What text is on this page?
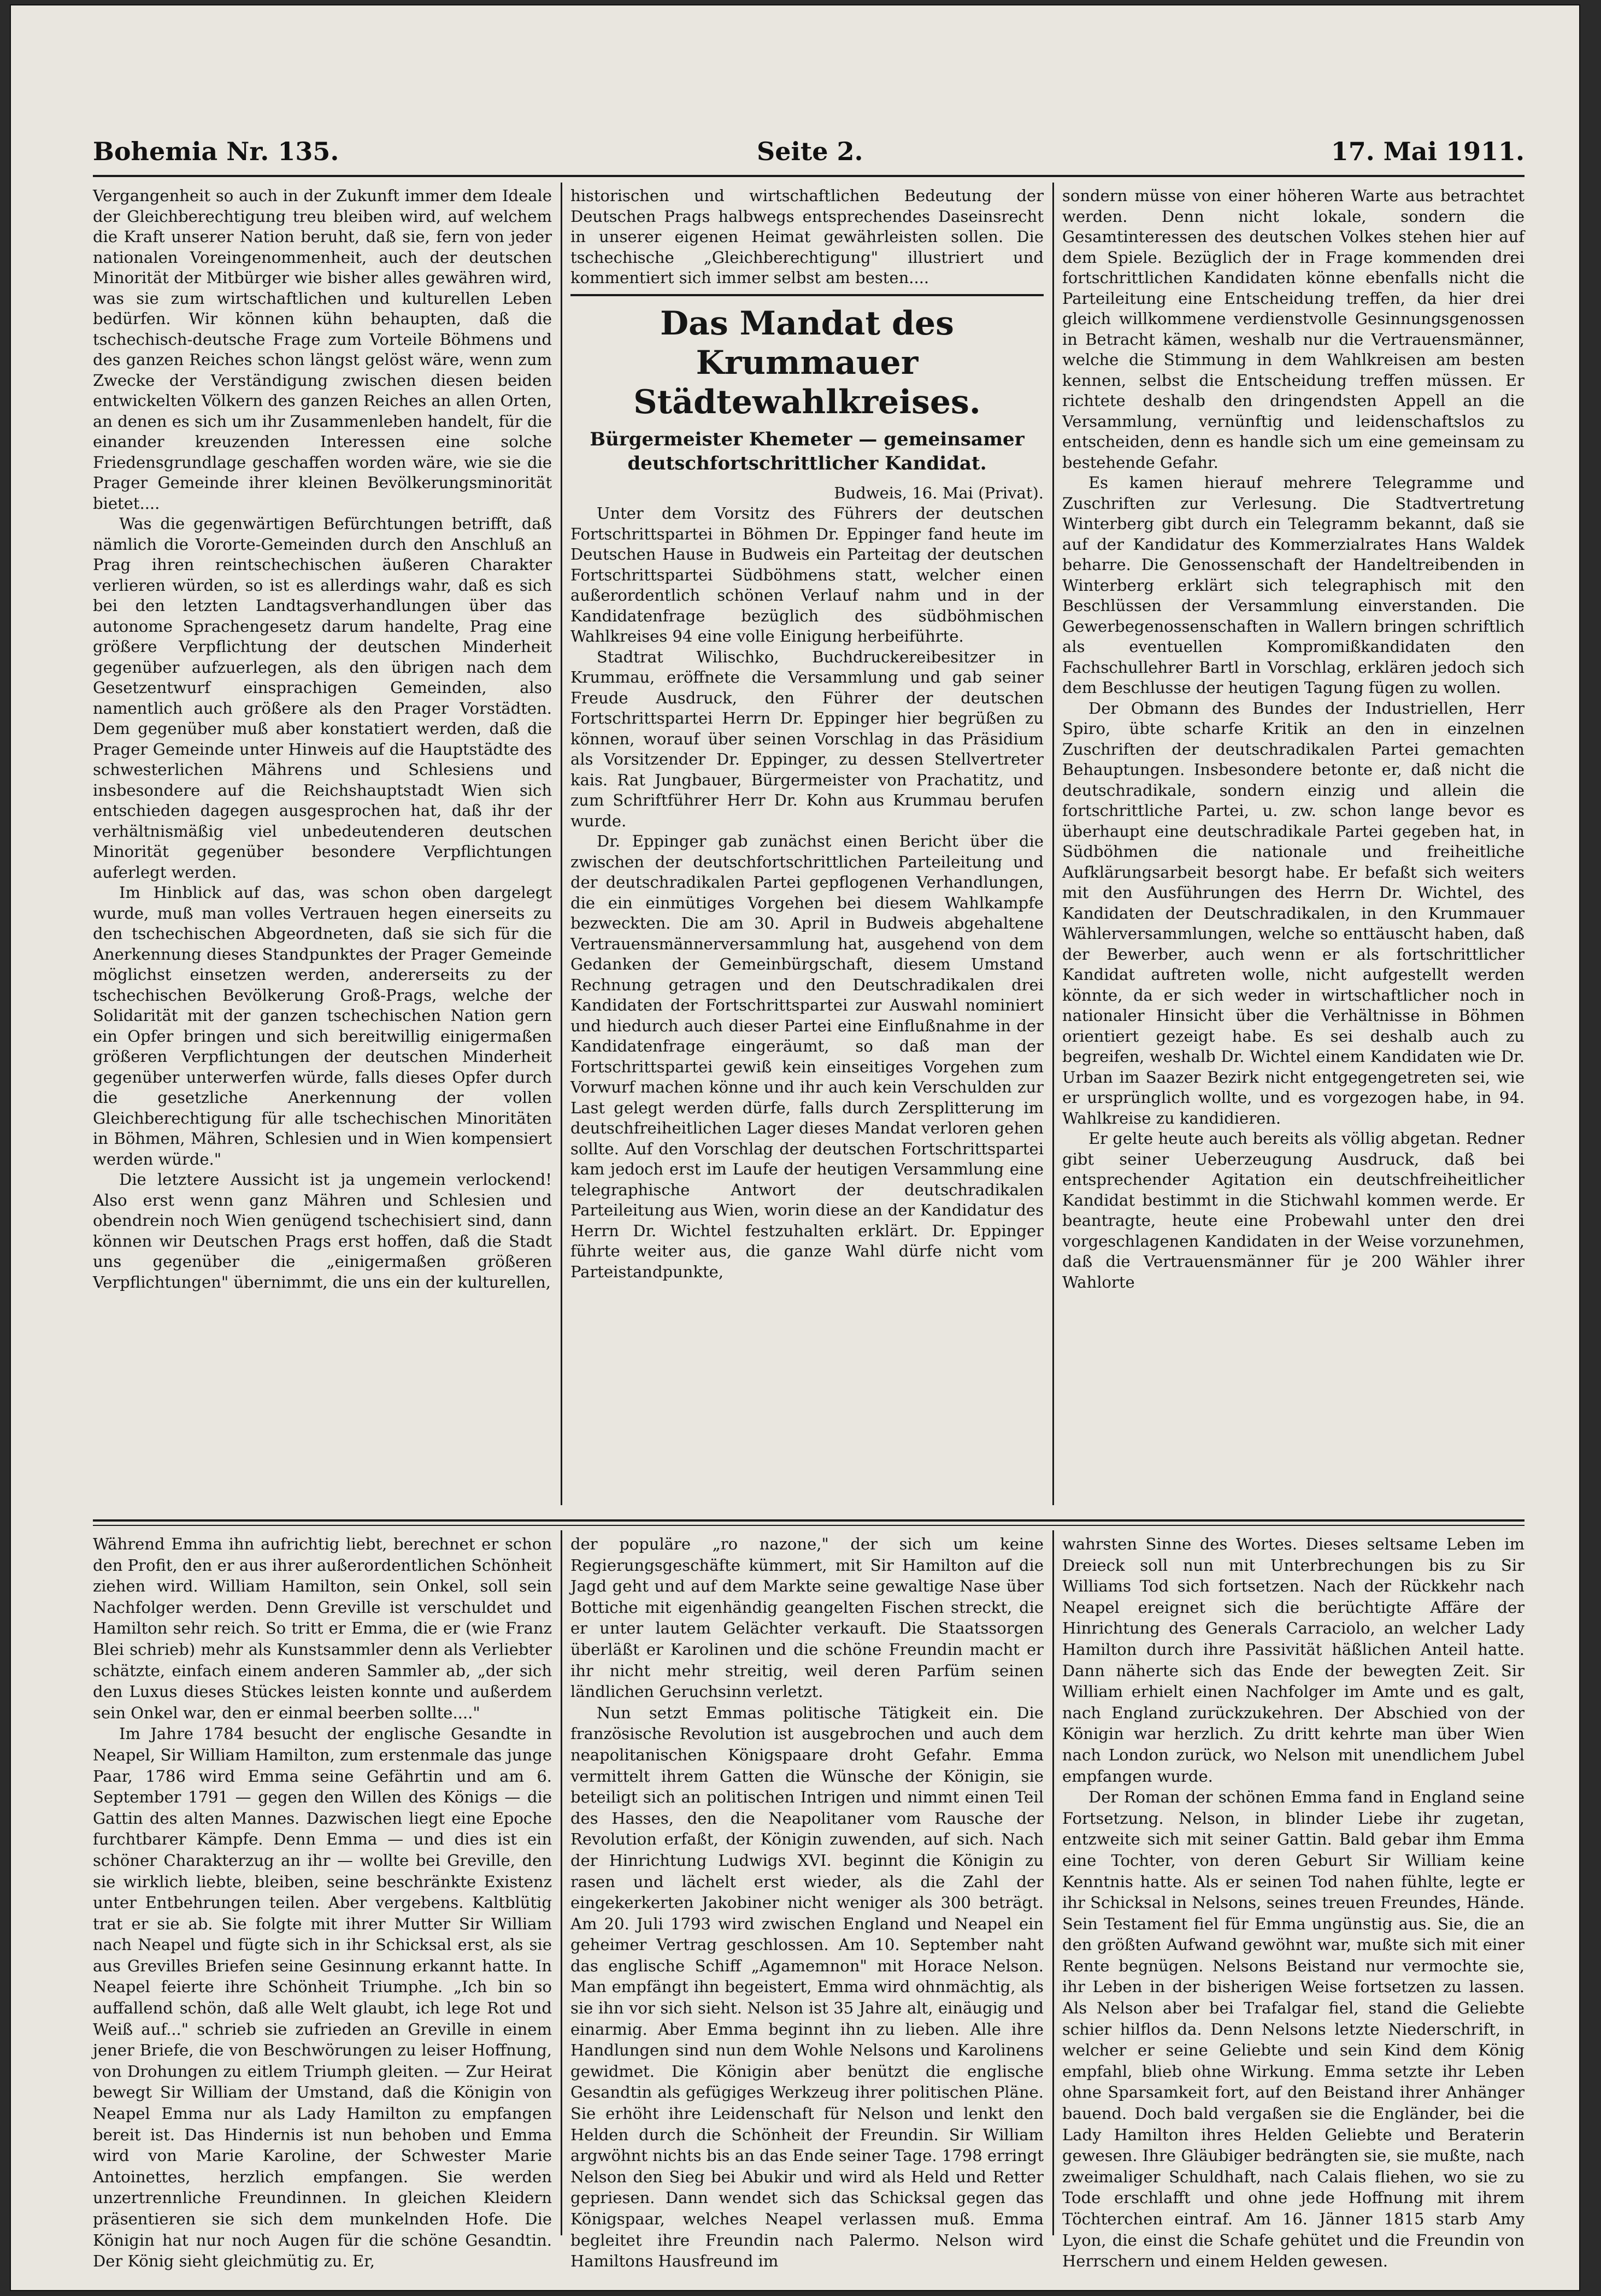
Bohemia Nr. 135.	Seite 2.	17. Mai 1911.

Vergangenheit so auch in der Zukunft immer dem Ideale der Gleichberechtigung treu bleiben wird, auf welchem die Kraft unserer Nation beruht, daß sie, fern von jeder nationalen Voreingenommenheit, auch der deutschen Minorität der Mitbürger wie bisher alles gewähren wird, was sie zum wirtschaftlichen und kulturellen Leben bedürfen. Wir können kühn behaupten, daß die tschechisch-deutsche Frage zum Vorteile Böhmens und des ganzen Reiches schon längst gelöst wäre, wenn zum Zwecke der Verständigung zwischen diesen beiden entwickelten Völkern des ganzen Reiches an allen Orten, an denen es sich um ihr Zusammenleben handelt, für die einander kreuzenden Interessen eine solche Friedensgrundlage geschaffen worden wäre, wie sie die Prager Gemeinde ihrer kleinen Bevölkerungsminorität bietet....

Was die gegenwärtigen Befürchtungen betrifft, daß nämlich die Vororte-Gemeinden durch den Anschluß an Prag ihren reintschechischen äußeren Charakter verlieren würden, so ist es allerdings wahr, daß es sich bei den letzten Landtagsverhandlungen über das autonome Sprachengesetz darum handelte, Prag eine größere Verpflichtung der deutschen Minderheit gegenüber aufzuerlegen, als den übrigen nach dem Gesetzentwurf einsprachigen Gemeinden, also namentlich auch größere als den Prager Vorstädten. Dem gegenüber muß aber konstatiert werden, daß die Prager Gemeinde unter Hinweis auf die Hauptstädte des schwesterlichen Mährens und Schlesiens und insbesondere auf die Reichshauptstadt Wien sich entschieden dagegen ausgesprochen hat, daß ihr der verhältnismäßig viel unbedeutenderen deutschen Minorität gegenüber besondere Verpflichtungen auferlegt werden.

Im Hinblick auf das, was schon oben dargelegt wurde, muß man volles Vertrauen hegen einerseits zu den tschechischen Abgeordneten, daß sie sich für die Anerkennung dieses Standpunktes der Prager Gemeinde möglichst einsetzen werden, andererseits zu der tschechischen Bevölkerung Groß-Prags, welche der Solidarität mit der ganzen tschechischen Nation gern ein Opfer bringen und sich bereitwillig einigermaßen größeren Verpflichtungen der deutschen Minderheit gegenüber unterwerfen würde, falls dieses Opfer durch die gesetzliche Anerkennung der vollen Gleichberechtigung für alle tschechischen Minoritäten in Böhmen, Mähren, Schlesien und in Wien kompensiert werden würde."

Die letztere Aussicht ist ja ungemein verlockend! Also erst wenn ganz Mähren und Schlesien und obendrein noch Wien genügend tschechisiert sind, dann können wir Deutschen Prags erst hoffen, daß die Stadt uns gegenüber die „einigermaßen größeren Verpflichtungen" übernimmt, die uns ein der kulturellen,

historischen und wirtschaftlichen Bedeutung der Deutschen Prags halbwegs entsprechendes Daseinsrecht in unserer eigenen Heimat gewährleisten sollen. Die tschechische „Gleichberechtigung" illustriert und kommentiert sich immer selbst am besten....

Das Mandat des Krummauer Städtewahlkreises.
Bürgermeister Khemeter — gemeinsamer deutschfortschrittlicher Kandidat.

Budweis, 16. Mai (Privat).

Unter dem Vorsitz des Führers der deutschen Fortschrittspartei in Böhmen Dr. Eppinger fand heute im Deutschen Hause in Budweis ein Parteitag der deutschen Fortschrittspartei Südböhmens statt, welcher einen außerordentlich schönen Verlauf nahm und in der Kandidatenfrage bezüglich des südböhmischen Wahlkreises 94 eine volle Einigung herbeiführte.

Stadtrat Wilischko, Buchdruckereibesitzer in Krummau, eröffnete die Versammlung und gab seiner Freude Ausdruck, den Führer der deutschen Fortschrittspartei Herrn Dr. Eppinger hier begrüßen zu können, worauf über seinen Vorschlag in das Präsidium als Vorsitzender Dr. Eppinger, zu dessen Stellvertreter kais. Rat Jungbauer, Bürgermeister von Prachatitz, und zum Schriftführer Herr Dr. Kohn aus Krummau berufen wurde.

Dr. Eppinger gab zunächst einen Bericht über die zwischen der deutschfortschrittlichen Parteileitung und der deutschradikalen Partei gepflogenen Verhandlungen, die ein einmütiges Vorgehen bei diesem Wahlkampfe bezweckten. Die am 30. April in Budweis abgehaltene Vertrauensmännerversammlung hat, ausgehend von dem Gedanken der Gemeinbürgschaft, diesem Umstand Rechnung getragen und den Deutschradikalen drei Kandidaten der Fortschrittspartei zur Auswahl nominiert und hiedurch auch dieser Partei eine Einflußnahme in der Kandidatenfrage eingeräumt, so daß man der Fortschrittspartei gewiß kein einseitiges Vorgehen zum Vorwurf machen könne und ihr auch kein Verschulden zur Last gelegt werden dürfe, falls durch Zersplitterung im deutschfreiheitlichen Lager dieses Mandat verloren gehen sollte. Auf den Vorschlag der deutschen Fortschrittspartei kam jedoch erst im Laufe der heutigen Versammlung eine telegraphische Antwort der deutschradikalen Parteileitung aus Wien, worin diese an der Kandidatur des Herrn Dr. Wichtel festzuhalten erklärt. Dr. Eppinger führte weiter aus, die ganze Wahl dürfe nicht vom Parteistandpunkte,

sondern müsse von einer höheren Warte aus betrachtet werden. Denn nicht lokale, sondern die Gesamtinteressen des deutschen Volkes stehen hier auf dem Spiele. Bezüglich der in Frage kommenden drei fortschrittlichen Kandidaten könne ebenfalls nicht die Parteileitung eine Entscheidung treffen, da hier drei gleich willkommene verdienstvolle Gesinnungsgenossen in Betracht kämen, weshalb nur die Vertrauensmänner, welche die Stimmung in dem Wahlkreisen am besten kennen, selbst die Entscheidung treffen müssen. Er richtete deshalb den dringendsten Appell an die Versammlung, vernünftig und leidenschaftslos zu entscheiden, denn es handle sich um eine gemeinsam zu bestehende Gefahr.

Es kamen hierauf mehrere Telegramme und Zuschriften zur Verlesung. Die Stadtvertretung Winterberg gibt durch ein Telegramm bekannt, daß sie auf der Kandidatur des Kommerzialrates Hans Waldek beharre. Die Genossenschaft der Handeltreibenden in Winterberg erklärt sich telegraphisch mit den Beschlüssen der Versammlung einverstanden. Die Gewerbegenossenschaften in Wallern bringen schriftlich als eventuellen Kompromißkandidaten den Fachschullehrer Bartl in Vorschlag, erklären jedoch sich dem Beschlusse der heutigen Tagung fügen zu wollen.

Der Obmann des Bundes der Industriellen, Herr Spiro, übte scharfe Kritik an den in einzelnen Zuschriften der deutschradikalen Partei gemachten Behauptungen. Insbesondere betonte er, daß nicht die deutschradikale, sondern einzig und allein die fortschrittliche Partei, u. zw. schon lange bevor es überhaupt eine deutschradikale Partei gegeben hat, in Südböhmen die nationale und freiheitliche Aufklärungsarbeit besorgt habe. Er befaßt sich weiters mit den Ausführungen des Herrn Dr. Wichtel, des Kandidaten der Deutschradikalen, in den Krummauer Wählerversammlungen, welche so enttäuscht haben, daß der Bewerber, auch wenn er als fortschrittlicher Kandidat auftreten wolle, nicht aufgestellt werden könnte, da er sich weder in wirtschaftlicher noch in nationaler Hinsicht über die Verhältnisse in Böhmen orientiert gezeigt habe. Es sei deshalb auch zu begreifen, weshalb Dr. Wichtel einem Kandidaten wie Dr. Urban im Saazer Bezirk nicht entgegengetreten sei, wie er ursprünglich wollte, und es vorgezogen habe, in 94. Wahlkreise zu kandidieren.

Er gelte heute auch bereits als völlig abgetan. Redner gibt seiner Ueberzeugung Ausdruck, daß bei entsprechender Agitation ein deutschfreiheitlicher Kandidat bestimmt in die Stichwahl kommen werde. Er beantragte, heute eine Probewahl unter den drei vorgeschlagenen Kandidaten in der Weise vorzunehmen, daß die Vertrauensmänner für je 200 Wähler ihrer Wahlorte

Während Emma ihn aufrichtig liebt, berechnet er schon den Profit, den er aus ihrer außerordentlichen Schönheit ziehen wird. William Hamilton, sein Onkel, soll sein Nachfolger werden. Denn Greville ist verschuldet und Hamilton sehr reich. So tritt er Emma, die er (wie Franz Blei schrieb) mehr als Kunstsammler denn als Verliebter schätzte, einfach einem anderen Sammler ab, „der sich den Luxus dieses Stückes leisten konnte und außerdem sein Onkel war, den er einmal beerben sollte...."

Im Jahre 1784 besucht der englische Gesandte in Neapel, Sir William Hamilton, zum erstenmale das junge Paar, 1786 wird Emma seine Gefährtin und am 6. September 1791 — gegen den Willen des Königs — die Gattin des alten Mannes. Dazwischen liegt eine Epoche furchtbarer Kämpfe. Denn Emma — und dies ist ein schöner Charakterzug an ihr — wollte bei Greville, den sie wirklich liebte, bleiben, seine beschränkte Existenz unter Entbehrungen teilen. Aber vergebens. Kaltblütig trat er sie ab. Sie folgte mit ihrer Mutter Sir William nach Neapel und fügte sich in ihr Schicksal erst, als sie aus Grevilles Briefen seine Gesinnung erkannt hatte. In Neapel feierte ihre Schönheit Triumphe. „Ich bin so auffallend schön, daß alle Welt glaubt, ich lege Rot und Weiß auf..." schrieb sie zufrieden an Greville in einem jener Briefe, die von Beschwörungen zu leiser Hoffnung, von Drohungen zu eitlem Triumph gleiten. — Zur Heirat bewegt Sir William der Umstand, daß die Königin von Neapel Emma nur als Lady Hamilton zu empfangen bereit ist. Das Hindernis ist nun behoben und Emma wird von Marie Karoline, der Schwester Marie Antoinettes, herzlich empfangen. Sie werden unzertrennliche Freundinnen. In gleichen Kleidern präsentieren sie sich dem munkelnden Hofe. Die Königin hat nur noch Augen für die schöne Gesandtin. Der König sieht gleichmütig zu. Er,

der populäre „ro nazone," der sich um keine Regierungsgeschäfte kümmert, mit Sir Hamilton auf die Jagd geht und auf dem Markte seine gewaltige Nase über Bottiche mit eigenhändig geangelten Fischen streckt, die er unter lautem Gelächter verkauft. Die Staatssorgen überläßt er Karolinen und die schöne Freundin macht er ihr nicht mehr streitig, weil deren Parfüm seinen ländlichen Geruchsinn verletzt.

Nun setzt Emmas politische Tätigkeit ein. Die französische Revolution ist ausgebrochen und auch dem neapolitanischen Königspaare droht Gefahr. Emma vermittelt ihrem Gatten die Wünsche der Königin, sie beteiligt sich an politischen Intrigen und nimmt einen Teil des Hasses, den die Neapolitaner vom Rausche der Revolution erfaßt, der Königin zuwenden, auf sich. Nach der Hinrichtung Ludwigs XVI. beginnt die Königin zu rasen und lächelt erst wieder, als die Zahl der eingekerkerten Jakobiner nicht weniger als 300 beträgt. Am 20. Juli 1793 wird zwischen England und Neapel ein geheimer Vertrag geschlossen. Am 10. September naht das englische Schiff „Agamemnon" mit Horace Nelson. Man empfängt ihn begeistert, Emma wird ohnmächtig, als sie ihn vor sich sieht. Nelson ist 35 Jahre alt, einäugig und einarmig. Aber Emma beginnt ihn zu lieben. Alle ihre Handlungen sind nun dem Wohle Nelsons und Karolinens gewidmet. Die Königin aber benützt die englische Gesandtin als gefügiges Werkzeug ihrer politischen Pläne. Sie erhöht ihre Leidenschaft für Nelson und lenkt den Helden durch die Schönheit der Freundin. Sir William argwöhnt nichts bis an das Ende seiner Tage. 1798 erringt Nelson den Sieg bei Abukir und wird als Held und Retter gepriesen. Dann wendet sich das Schicksal gegen das Königspaar, welches Neapel verlassen muß. Emma begleitet ihre Freundin nach Palermo. Nelson wird Hamiltons Hausfreund im

wahrsten Sinne des Wortes. Dieses seltsame Leben im Dreieck soll nun mit Unterbrechungen bis zu Sir Williams Tod sich fortsetzen. Nach der Rückkehr nach Neapel ereignet sich die berüchtigte Affäre der Hinrichtung des Generals Carraciolo, an welcher Lady Hamilton durch ihre Passivität häßlichen Anteil hatte. Dann näherte sich das Ende der bewegten Zeit. Sir William erhielt einen Nachfolger im Amte und es galt, nach England zurückzukehren. Der Abschied von der Königin war herzlich. Zu dritt kehrte man über Wien nach London zurück, wo Nelson mit unendlichem Jubel empfangen wurde.

Der Roman der schönen Emma fand in England seine Fortsetzung. Nelson, in blinder Liebe ihr zugetan, entzweite sich mit seiner Gattin. Bald gebar ihm Emma eine Tochter, von deren Geburt Sir William keine Kenntnis hatte. Als er seinen Tod nahen fühlte, legte er ihr Schicksal in Nelsons, seines treuen Freundes, Hände. Sein Testament fiel für Emma ungünstig aus. Sie, die an den größten Aufwand gewöhnt war, mußte sich mit einer Rente begnügen. Nelsons Beistand nur vermochte sie, ihr Leben in der bisherigen Weise fortsetzen zu lassen. Als Nelson aber bei Trafalgar fiel, stand die Geliebte schier hilflos da. Denn Nelsons letzte Niederschrift, in welcher er seine Geliebte und sein Kind dem König empfahl, blieb ohne Wirkung. Emma setzte ihr Leben ohne Sparsamkeit fort, auf den Beistand ihrer Anhänger bauend. Doch bald vergaßen sie die Engländer, bei die Lady Hamilton ihres Helden Geliebte und Beraterin gewesen. Ihre Gläubiger bedrängten sie, sie mußte, nach zweimaliger Schuldhaft, nach Calais fliehen, wo sie zu Tode erschlafft und ohne jede Hoffnung mit ihrem Töchterchen eintraf. Am 16. Jänner 1815 starb Amy Lyon, die einst die Schafe gehütet und die Freundin von Herrschern und einem Helden gewesen.
